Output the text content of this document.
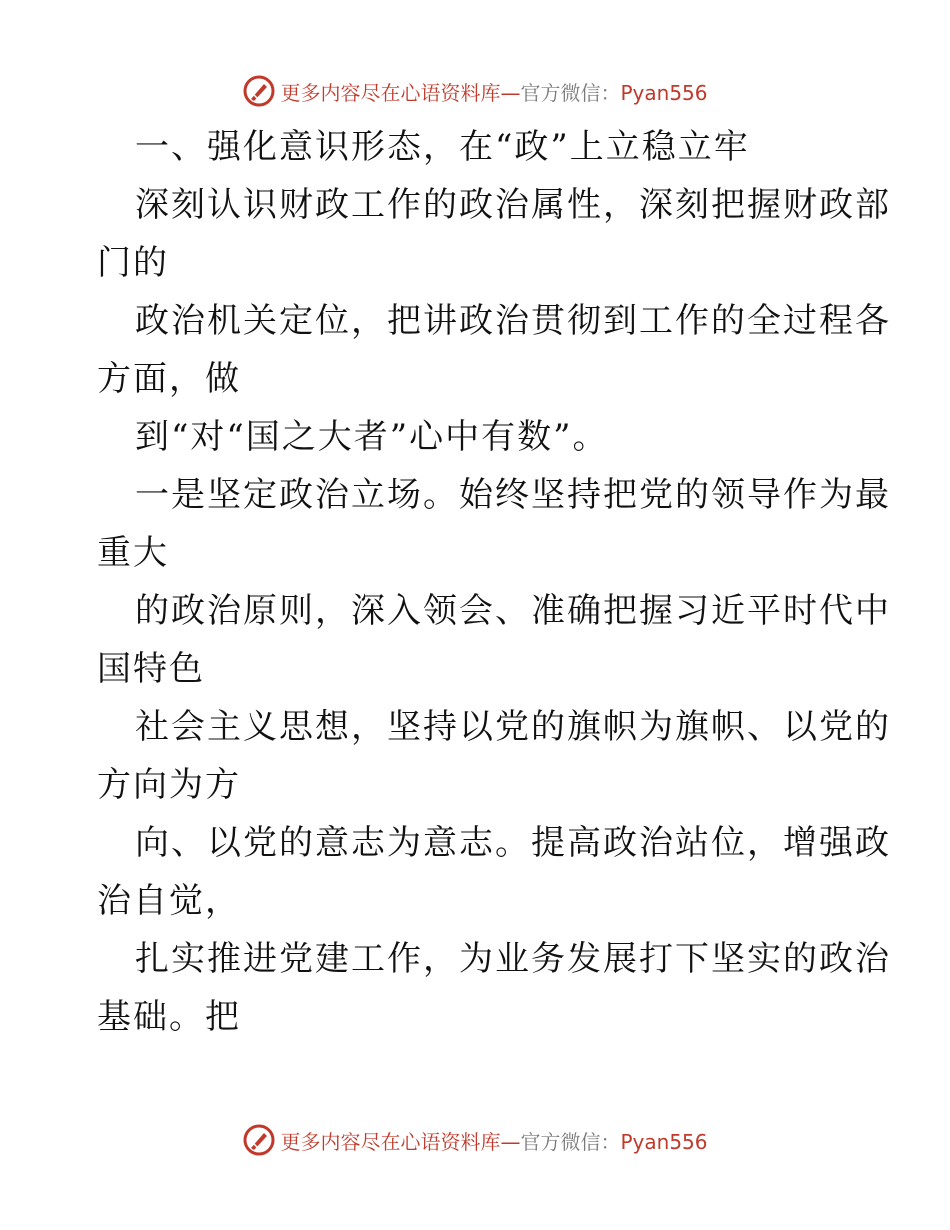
更多内容尽在心语资料库—官方微信：Pyan556
一、强化意识形态，在“政”上立稳立牢
深刻认识财政工作的政治属性，深刻把握财政部
门的
政治机关定位，把讲政治贯彻到工作的全过程各
方面，做
到“对“国之大者”心中有数”。
一是坚定政治立场。始终坚持把党的领导作为最
重大
的政治原则，深入领会、准确把握习近平时代中
国特色
社会主义思想，坚持以党的旗帜为旗帜、以党的
方向为方
向、以党的意志为意志。提高政治站位，增强政
治自觉，
扎实推进党建工作，为业务发展打下坚实的政治
基础。把
更多内容尽在心语资料库—官方微信：Pyan556
